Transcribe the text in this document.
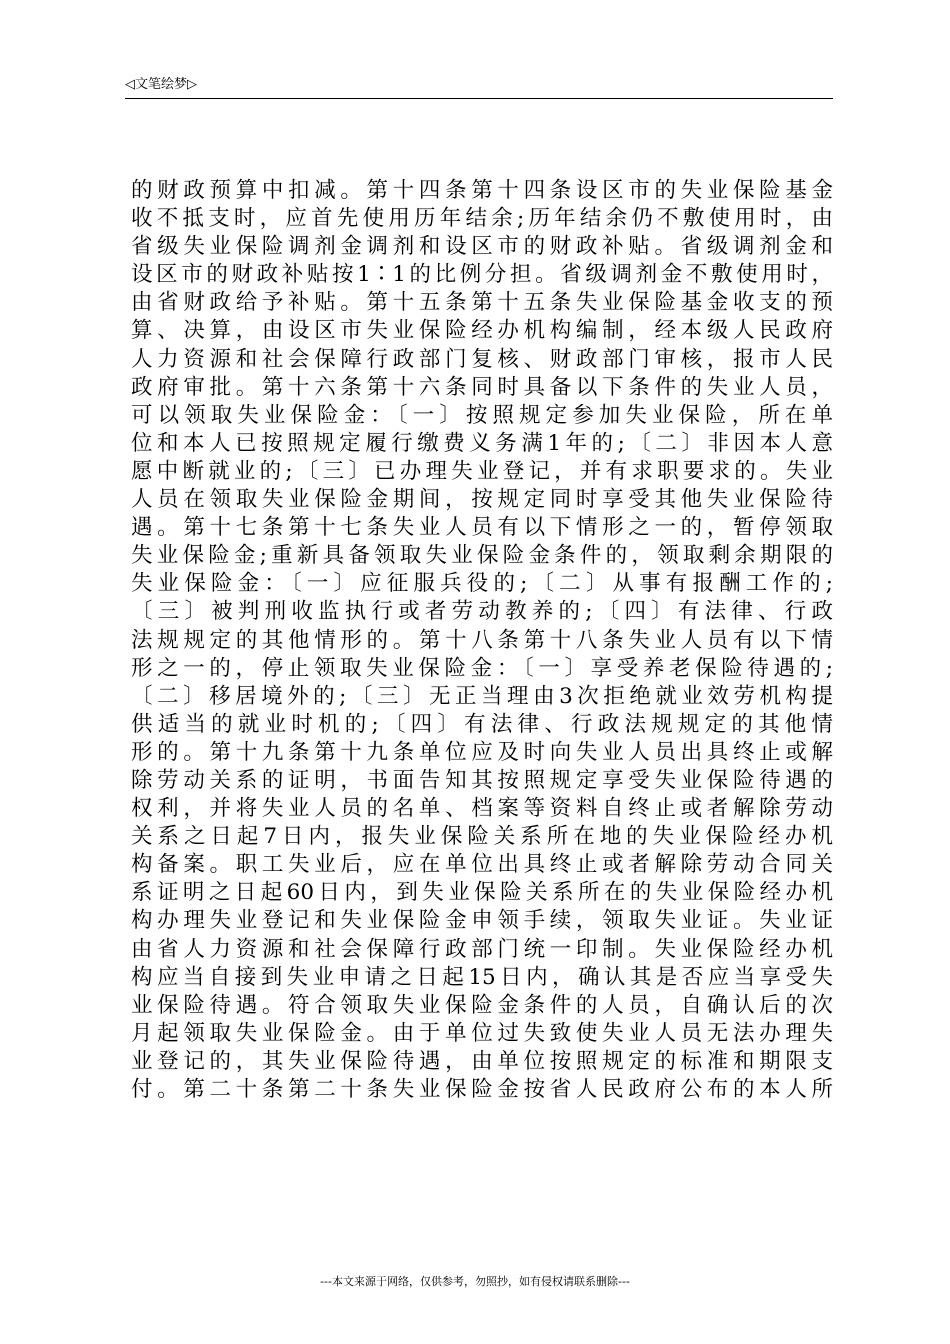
◁文笔绘梦▷
的财政预算中扣减。第十四条第十四条设区市的失业保险基金
收不抵支时，应首先使用历年结余;历年结余仍不敷使用时，由
省级失业保险调剂金调剂和设区市的财政补贴。省级调剂金和
设区市的财政补贴按1∶1的比例分担。省级调剂金不敷使用时，
由省财政给予补贴。第十五条第十五条失业保险基金收支的预
算、决算，由设区市失业保险经办机构编制，经本级人民政府
人力资源和社会保障行政部门复核、财政部门审核，报市人民
政府审批。第十六条第十六条同时具备以下条件的失业人员，
可以领取失业保险金：〔一〕按照规定参加失业保险，所在单
位和本人已按照规定履行缴费义务满1年的;〔二〕非因本人意
愿中断就业的;〔三〕已办理失业登记，并有求职要求的。失业
人员在领取失业保险金期间，按规定同时享受其他失业保险待
遇。第十七条第十七条失业人员有以下情形之一的，暂停领取
失业保险金;重新具备领取失业保险金条件的，领取剩余期限的
失业保险金：〔一〕应征服兵役的;〔二〕从事有报酬工作的;
〔三〕被判刑收监执行或者劳动教养的;〔四〕有法律、行政
法规规定的其他情形的。第十八条第十八条失业人员有以下情
形之一的，停止领取失业保险金：〔一〕享受养老保险待遇的;
〔二〕移居境外的;〔三〕无正当理由3次拒绝就业效劳机构提
供适当的就业时机的;〔四〕有法律、行政法规规定的其他情
形的。第十九条第十九条单位应及时向失业人员出具终止或解
除劳动关系的证明，书面告知其按照规定享受失业保险待遇的
权利，并将失业人员的名单、档案等资料自终止或者解除劳动
关系之日起7日内，报失业保险关系所在地的失业保险经办机
构备案。职工失业后，应在单位出具终止或者解除劳动合同关
系证明之日起60日内，到失业保险关系所在的失业保险经办机
构办理失业登记和失业保险金申领手续，领取失业证。失业证
由省人力资源和社会保障行政部门统一印制。失业保险经办机
构应当自接到失业申请之日起15日内，确认其是否应当享受失
业保险待遇。符合领取失业保险金条件的人员，自确认后的次
月起领取失业保险金。由于单位过失致使失业人员无法办理失
业登记的，其失业保险待遇，由单位按照规定的标准和期限支
付。第二十条第二十条失业保险金按省人民政府公布的本人所
---本文来源于网络，仅供参考，勿照抄，如有侵权请联系删除---
